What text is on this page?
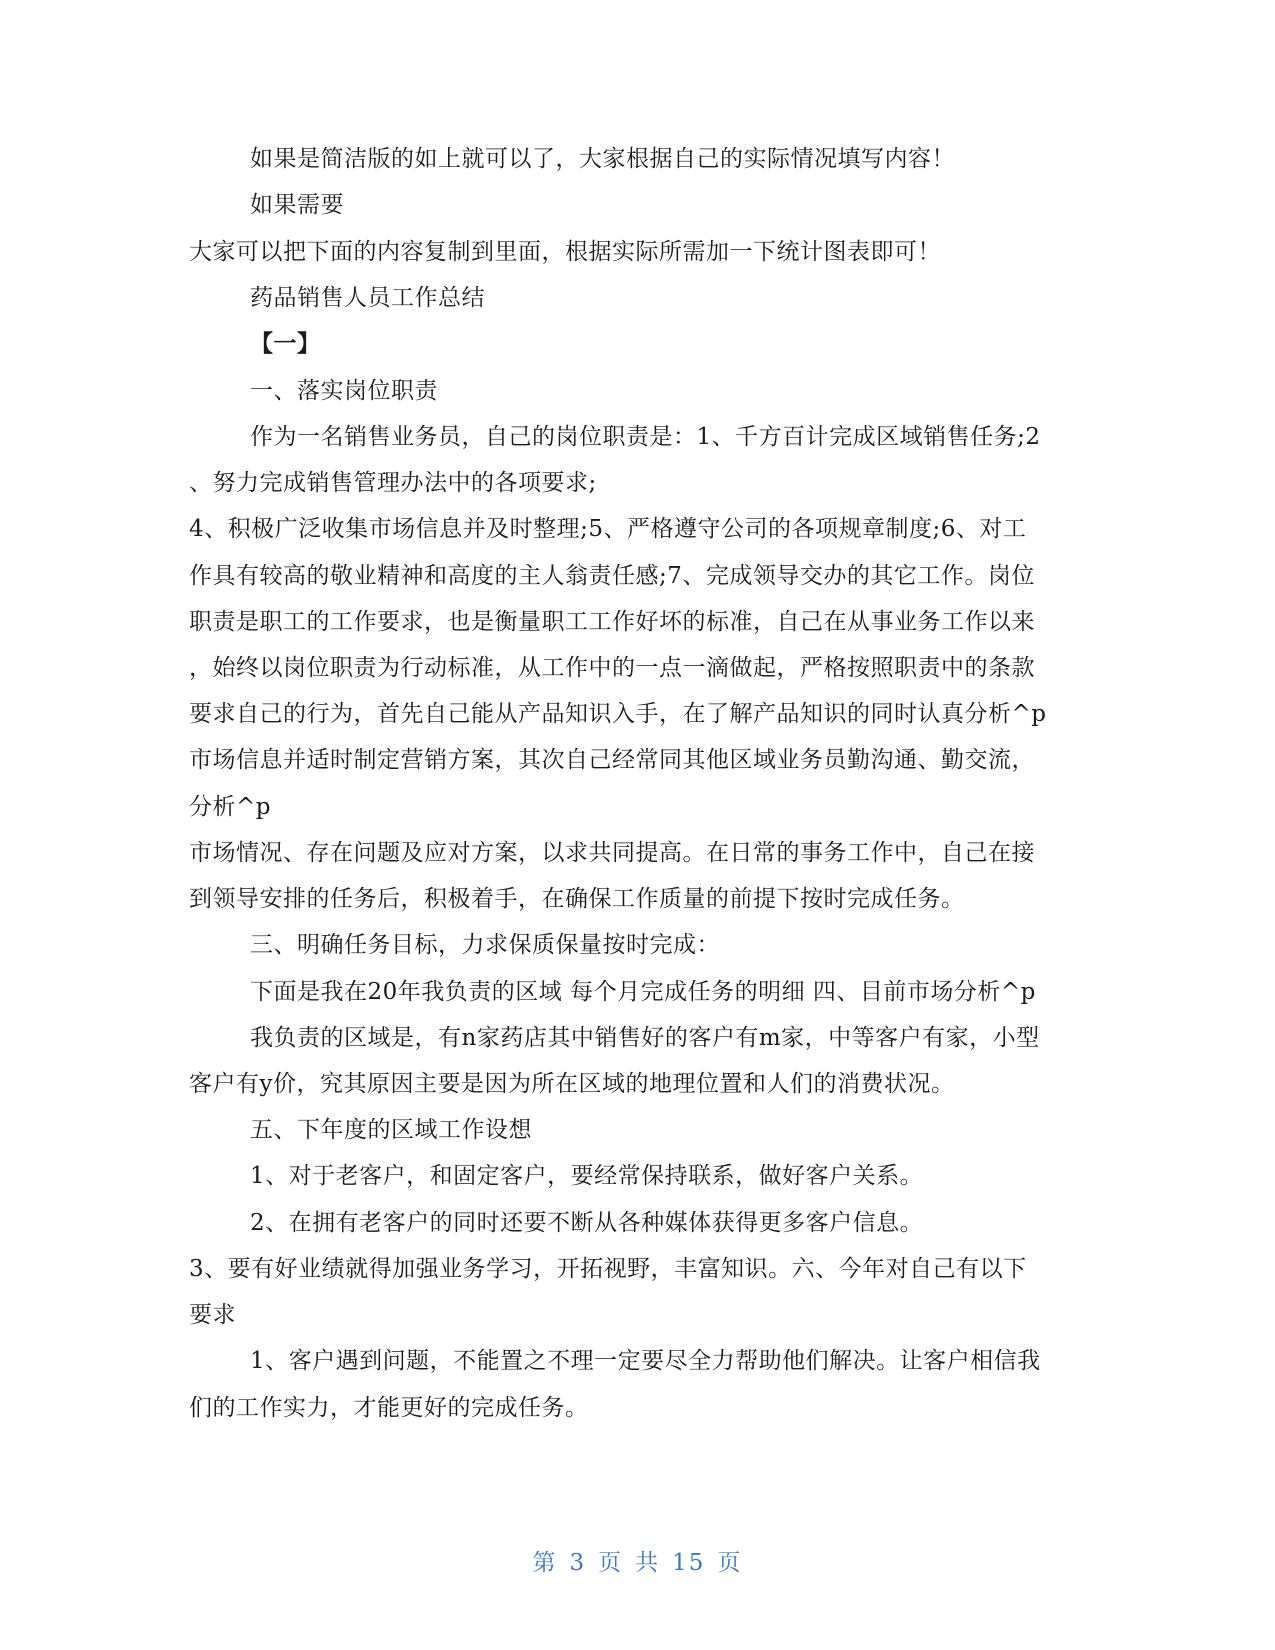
如果是简洁版的如上就可以了，大家根据自己的实际情况填写内容！
如果需要
大家可以把下面的内容复制到里面，根据实际所需加一下统计图表即可！
药品销售人员工作总结
【一】
一、落实岗位职责
作为一名销售业务员，自己的岗位职责是：1、千方百计完成区域销售任务;2
、努力完成销售管理办法中的各项要求;
4、积极广泛收集市场信息并及时整理;5、严格遵守公司的各项规章制度;6、对工
作具有较高的敬业精神和高度的主人翁责任感;7、完成领导交办的其它工作。岗位
职责是职工的工作要求，也是衡量职工工作好坏的标准，自己在从事业务工作以来
，始终以岗位职责为行动标准，从工作中的一点一滴做起，严格按照职责中的条款
要求自己的行为，首先自己能从产品知识入手，在了解产品知识的同时认真分析^p
市场信息并适时制定营销方案，其次自己经常同其他区域业务员勤沟通、勤交流，
分析^p
市场情况、存在问题及应对方案，以求共同提高。在日常的事务工作中，自己在接
到领导安排的任务后，积极着手，在确保工作质量的前提下按时完成任务。
三、明确任务目标，力求保质保量按时完成：
下面是我在20年我负责的区域 每个月完成任务的明细 四、目前市场分析^p
我负责的区域是，有n家药店其中销售好的客户有m家，中等客户有家，小型
客户有y价，究其原因主要是因为所在区域的地理位置和人们的消费状况。
五、下年度的区域工作设想
1、对于老客户，和固定客户，要经常保持联系，做好客户关系。
2、在拥有老客户的同时还要不断从各种媒体获得更多客户信息。
3、要有好业绩就得加强业务学习，开拓视野，丰富知识。六、今年对自己有以下
要求
1、客户遇到问题，不能置之不理一定要尽全力帮助他们解决。让客户相信我
们的工作实力，才能更好的完成任务。
第 3 页 共 15 页
